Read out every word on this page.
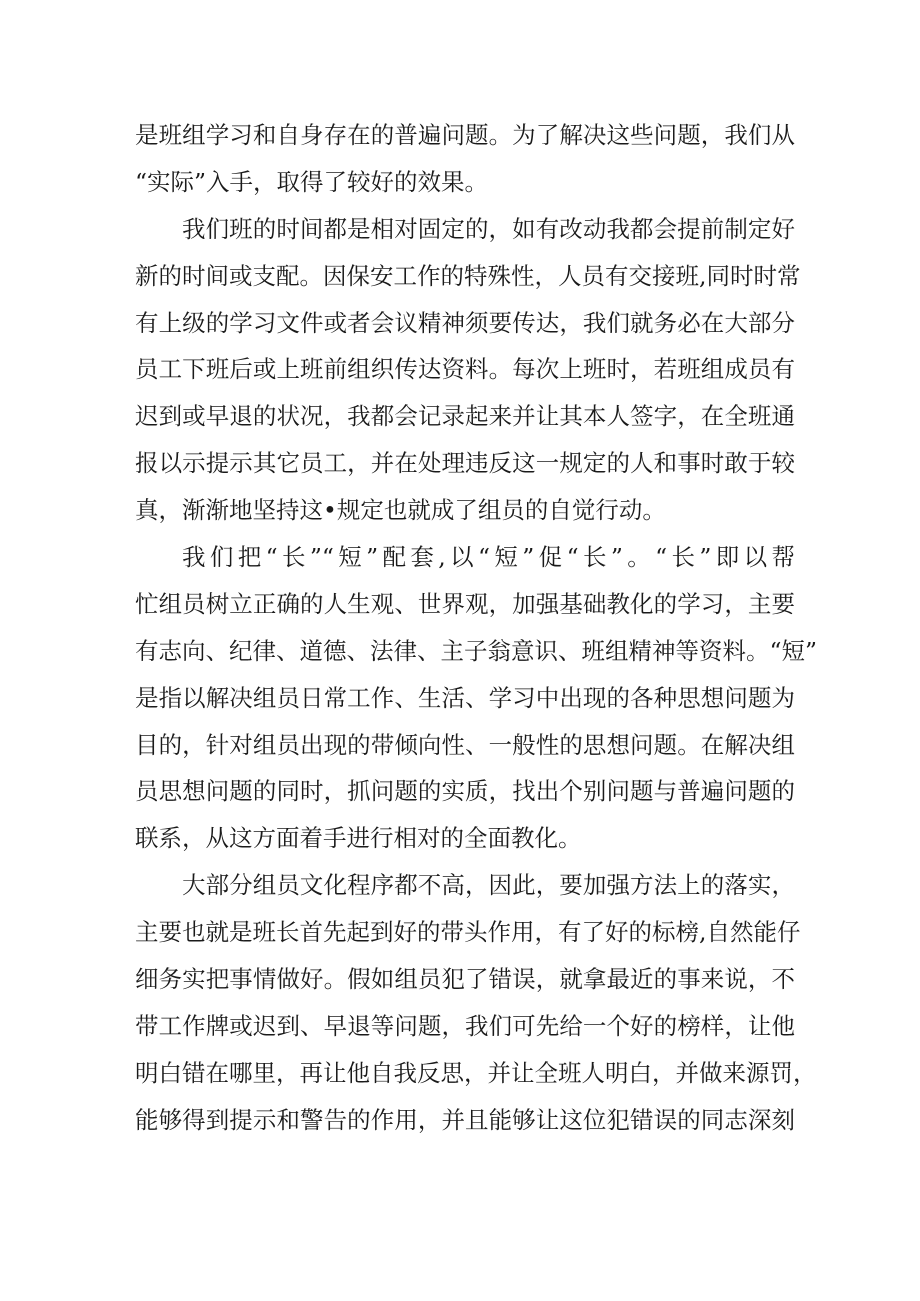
是班组学习和自身存在的普遍问题。为了解决这些问题，我们从
“实际”入手，取得了较好的效果。
我们班的时间都是相对固定的，如有改动我都会提前制定好
新的时间或支配。因保安工作的特殊性，人员有交接班,同时时常
有上级的学习文件或者会议精神须要传达，我们就务必在大部分
员工下班后或上班前组织传达资料。每次上班时，若班组成员有
迟到或早退的状况，我都会记录起来并让其本人签字，在全班通
报以示提示其它员工，并在处理违反这一规定的人和事时敢于较
真，渐渐地坚持这•规定也就成了组员的自觉行动。
我们把“长”“短”配套,以“短”促“长”。“长”即以帮
忙组员树立正确的人生观、世界观，加强基础教化的学习，主要
有志向、纪律、道德、法律、主子翁意识、班组精神等资料。“短”
是指以解决组员日常工作、生活、学习中出现的各种思想问题为
目的，针对组员出现的带倾向性、一般性的思想问题。在解决组
员思想问题的同时，抓问题的实质，找出个别问题与普遍问题的
联系，从这方面着手进行相对的全面教化。
大部分组员文化程序都不高，因此，要加强方法上的落实，
主要也就是班长首先起到好的带头作用，有了好的标榜,自然能仔
细务实把事情做好。假如组员犯了错误，就拿最近的事来说，不
带工作牌或迟到、早退等问题，我们可先给一个好的榜样，让他
明白错在哪里，再让他自我反思，并让全班人明白，并做来源罚，
能够得到提示和警告的作用，并且能够让这位犯错误的同志深刻
